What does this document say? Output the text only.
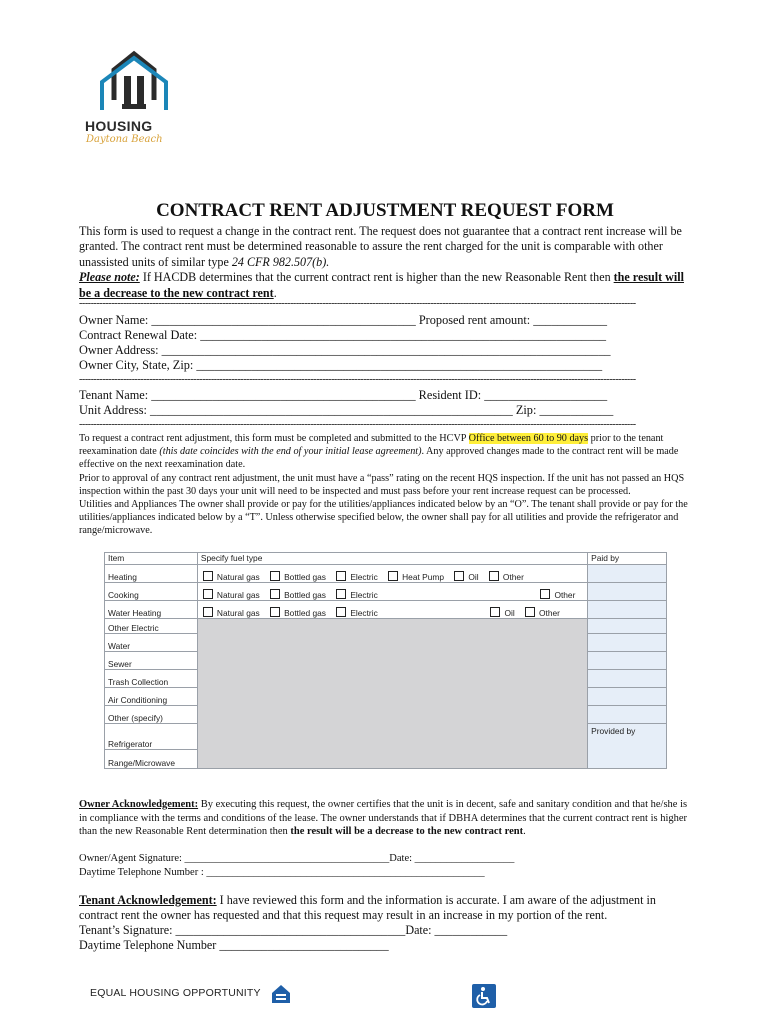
HOUSING
Daytona Beach
CONTRACT RENT ADJUSTMENT REQUEST FORM
This form is used to request a change in the contract rent. The request does not guarantee that a contract rent increase will be granted. The contract rent must be determined reasonable to assure the rent charged for the unit is comparable with other unassisted units of similar type 24 CFR 982.507(b).
Please note: If HACDB determines that the current contract rent is higher than the new Reasonable Rent then the result will be a decrease to the new contract rent.
----------------------------------------------------------------------------------------------------------------------------------------------------------------------------------------------
Owner Name: ___________________________________________ Proposed rent amount: ____________
Contract Renewal Date: __________________________________________________________________
Owner Address: _________________________________________________________________________
Owner City, State, Zip: __________________________________________________________________
----------------------------------------------------------------------------------------------------------------------------------------------------------------------------------------------
Tenant Name: ___________________________________________ Resident ID: ____________________
Unit Address: ___________________________________________________________ Zip: ____________
----------------------------------------------------------------------------------------------------------------------------------------------------------------------------------------------
To request a contract rent adjustment, this form must be completed and submitted to the HCVP Office between 60 to 90 days prior to the tenant reexamination date (this date coincides with the end of your initial lease agreement). Any approved changes made to the contract rent will be made effective on the next reexamination date.
Prior to approval of any contract rent adjustment, the unit must have a “pass” rating on the recent HQS inspection. If the unit has not passed an HQS inspection within the past 30 days your unit will need to be inspected and must pass before your rent increase request can be processed.
Utilities and Appliances The owner shall provide or pay for the utilities/appliances indicated below by an “O”. The tenant shall provide or pay for the utilities/appliances indicated below by a “T”. Unless otherwise specified below, the owner shall pay for all utilities and provide the refrigerator and range/microwave.
Item	Specify fuel type	Paid by
Heating	Natural gas Bottled gas Electric Heat Pump Oil Other	
Cooking	Natural gas Bottled gas Electric Other	
Water Heating	Natural gas Bottled gas Electric Oil Other	
Other Electric		
Water		
Sewer		
Trash Collection		
Air Conditioning		
Other (specify)		
Refrigerator		Provided by
Range/Microwave		
Owner Acknowledgement: By executing this request, the owner certifies that the unit is in decent, safe and sanitary condition and that he/she is in compliance with the terms and conditions of the lease. The owner understands that if DBHA determines that the current contract rent is higher than the new Reasonable Rent determination then the result will be a decrease to the new contract rent.
Owner/Agent Signature: _______________________________________Date: ___________________
Daytime Telephone Number : _____________________________________________________
Tenant Acknowledgement: I have reviewed this form and the information is accurate. I am aware of the adjustment in contract rent the owner has requested and that this request may result in an increase in my portion of the rent.
Tenant’s Signature: ______________________________________Date: ____________
Daytime Telephone Number ____________________________
EQUAL HOUSING OPPORTUNITY
